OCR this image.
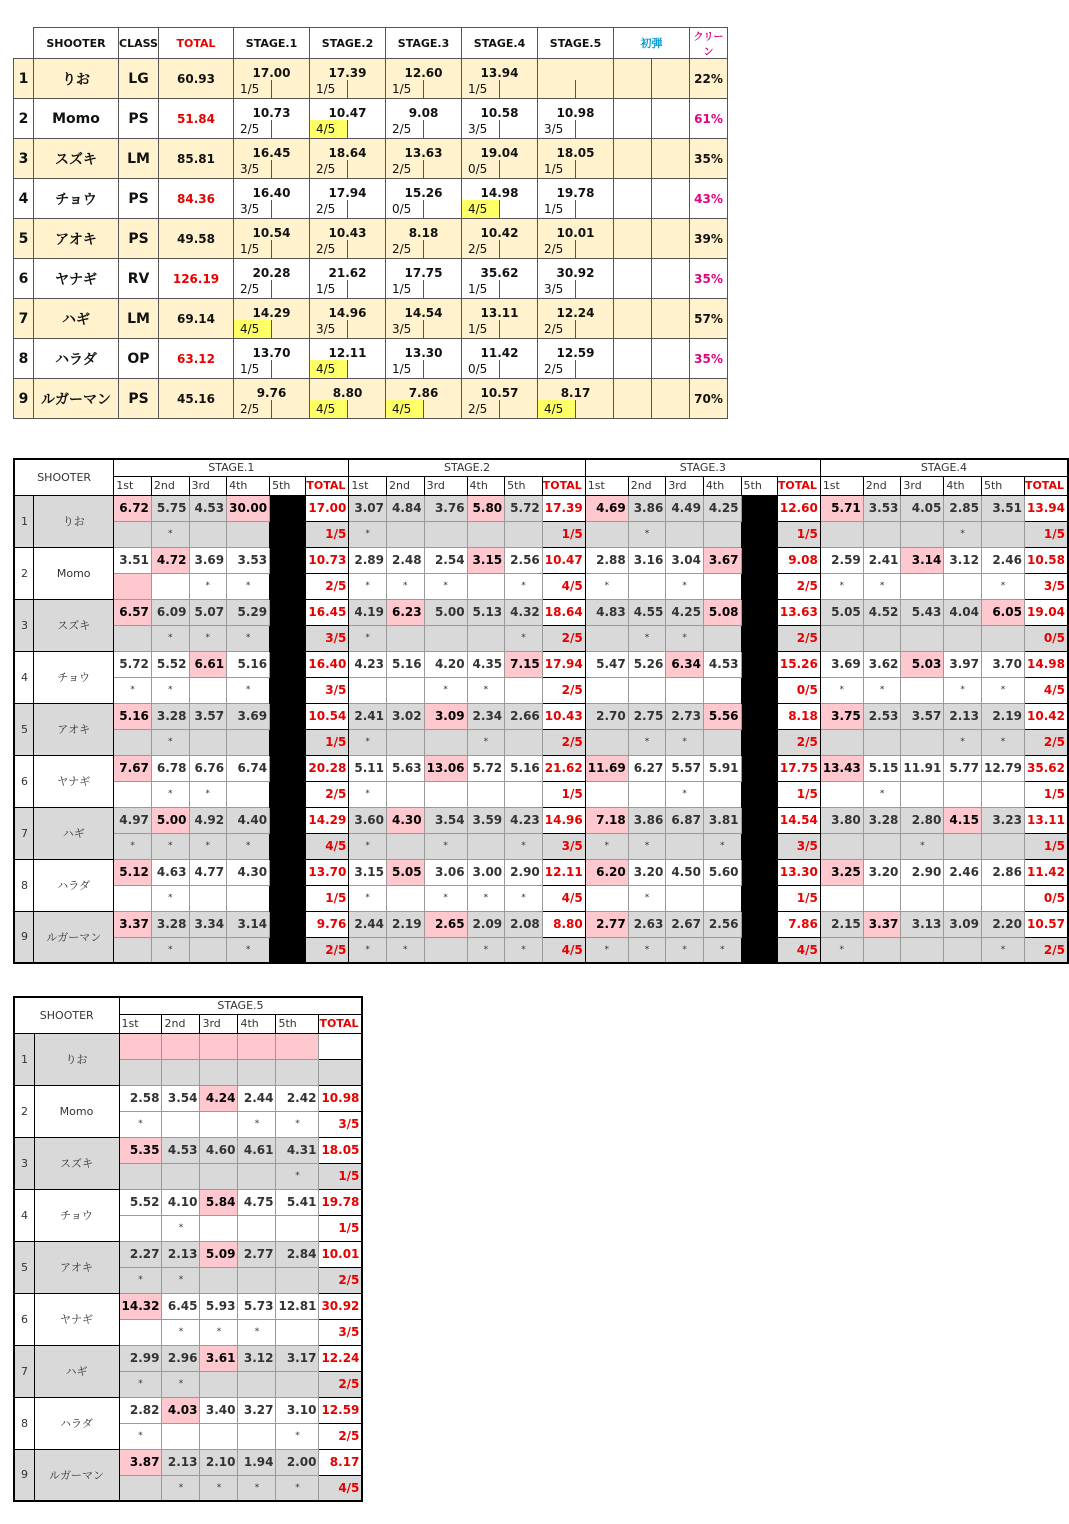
	SHOOTER	CLASS	TOTAL	STAGE.1		STAGE.2		STAGE.3		STAGE.4		STAGE.5		初弾		クリーン
1	りお	LG	60.93	17.00		17.39		12.60		13.94						22%
				1/5		1/5		1/5		1/5						
2	Momo	PS	51.84	10.73		10.47		9.08		10.58		10.98				61%
				2/5		4/5		2/5		3/5		3/5				
3	スズキ	LM	85.81	16.45		18.64		13.63		19.04		18.05				35%
				3/5		2/5		2/5		0/5		1/5				
4	チョウ	PS	84.36	16.40		17.94		15.26		14.98		19.78				43%
				3/5		2/5		0/5		4/5		1/5				
5	アオキ	PS	49.58	10.54		10.43		8.18		10.42		10.01				39%
				1/5		2/5		2/5		2/5		2/5				
6	ヤナギ	RV	126.19	20.28		21.62		17.75		35.62		30.92				35%
				2/5		1/5		1/5		1/5		3/5				
7	ハギ	LM	69.14	14.29		14.96		14.54		13.11		12.24				57%
				4/5		3/5		3/5		1/5		2/5				
8	ハラダ	OP	63.12	13.70		12.11		13.30		11.42		12.59				35%
				1/5		4/5		1/5		0/5		2/5				
9	ルガーマン	PS	45.16	9.76		8.80		7.86		10.57		8.17				70%
				2/5		4/5		4/5		2/5		4/5				
SHOOTER		STAGE.1						STAGE.2						STAGE.3						STAGE.4					
		1st	2nd	3rd	4th	5th	TOTAL	1st	2nd	3rd	4th	5th	TOTAL	1st	2nd	3rd	4th	5th	TOTAL	1st	2nd	3rd	4th	5th	TOTAL
1	りお	6.72	5.75	4.53	30.00		17.00	3.07	4.84	3.76	5.80	5.72	17.39	4.69	3.86	4.49	4.25		12.60	5.71	3.53	4.05	2.85	3.51	13.94
			*				1/5	*					1/5		*				1/5				*		1/5
2	Momo	3.51	4.72	3.69	3.53		10.73	2.89	2.48	2.54	3.15	2.56	10.47	2.88	3.16	3.04	3.67		9.08	2.59	2.41	3.14	3.12	2.46	10.58
				*	*		2/5	*	*	*		*	4/5	*		*			2/5	*	*			*	3/5
3	スズキ	6.57	6.09	5.07	5.29		16.45	4.19	6.23	5.00	5.13	4.32	18.64	4.83	4.55	4.25	5.08		13.63	5.05	4.52	5.43	4.04	6.05	19.04
			*	*	*		3/5	*				*	2/5		*	*			2/5						0/5
4	チョウ	5.72	5.52	6.61	5.16		16.40	4.23	5.16	4.20	4.35	7.15	17.94	5.47	5.26	6.34	4.53		15.26	3.69	3.62	5.03	3.97	3.70	14.98
		*	*		*		3/5			*	*		2/5						0/5	*	*		*	*	4/5
5	アオキ	5.16	3.28	3.57	3.69		10.54	2.41	3.02	3.09	2.34	2.66	10.43	2.70	2.75	2.73	5.56		8.18	3.75	2.53	3.57	2.13	2.19	10.42
			*				1/5	*			*		2/5		*	*			2/5				*	*	2/5
6	ヤナギ	7.67	6.78	6.76	6.74		20.28	5.11	5.63	13.06	5.72	5.16	21.62	11.69	6.27	5.57	5.91		17.75	13.43	5.15	11.91	5.77	12.79	35.62
			*	*			2/5	*					1/5			*			1/5		*				1/5
7	ハギ	4.97	5.00	4.92	4.40		14.29	3.60	4.30	3.54	3.59	4.23	14.96	7.18	3.86	6.87	3.81		14.54	3.80	3.28	2.80	4.15	3.23	13.11
		*	*	*	*		4/5	*		*		*	3/5	*	*		*		3/5			*			1/5
8	ハラダ	5.12	4.63	4.77	4.30		13.70	3.15	5.05	3.06	3.00	2.90	12.11	6.20	3.20	4.50	5.60		13.30	3.25	3.20	2.90	2.46	2.86	11.42
			*				1/5	*		*	*	*	4/5		*				1/5						0/5
9	ルガーマン	3.37	3.28	3.34	3.14		9.76	2.44	2.19	2.65	2.09	2.08	8.80	2.77	2.63	2.67	2.56		7.86	2.15	3.37	3.13	3.09	2.20	10.57
			*		*		2/5	*	*		*	*	4/5	*	*	*	*		4/5	*				*	2/5
SHOOTER		STAGE.5					
		1st	2nd	3rd	4th	5th	TOTAL
1	りお						

2	Momo	2.58	3.54	4.24	2.44	2.42	10.98
		*			*	*	3/5
3	スズキ	5.35	4.53	4.60	4.61	4.31	18.05
						*	1/5
4	チョウ	5.52	4.10	5.84	4.75	5.41	19.78
			*				1/5
5	アオキ	2.27	2.13	5.09	2.77	2.84	10.01
		*	*				2/5
6	ヤナギ	14.32	6.45	5.93	5.73	12.81	30.92
			*	*	*		3/5
7	ハギ	2.99	2.96	3.61	3.12	3.17	12.24
		*	*				2/5
8	ハラダ	2.82	4.03	3.40	3.27	3.10	12.59
		*				*	2/5
9	ルガーマン	3.87	2.13	2.10	1.94	2.00	8.17
			*	*	*	*	4/5
